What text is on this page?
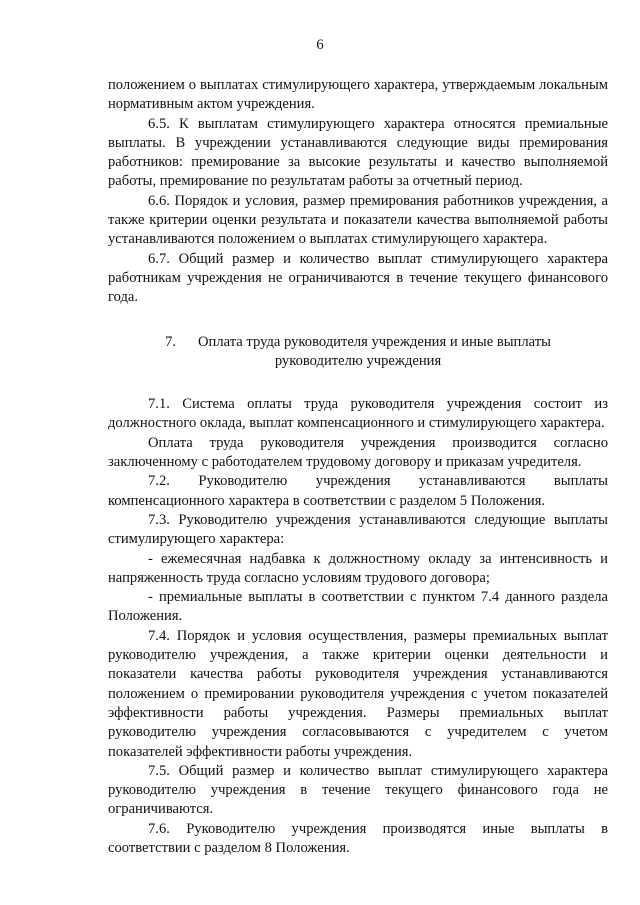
6

положением о выплатах стимулирующего характера, утверждаемым локальным нормативным актом учреждения.

6.5. К выплатам стимулирующего характера относятся премиальные выплаты. В учреждении устанавливаются следующие виды премирования работников: премирование за высокие результаты и качество выполняемой работы, премирование по результатам работы за отчетный период.

6.6. Порядок и условия, размер премирования работников учреждения, а также критерии оценки результата и показатели качества выполняемой работы устанавливаются положением о выплатах стимулирующего характера.

6.7. Общий размер и количество выплат стимулирующего характера работникам учреждения не ограничиваются в течение текущего финансового года.

7. Оплата труда руководителя учреждения и иные выплаты
руководителю учреждения

7.1. Система оплаты труда руководителя учреждения состоит из должностного оклада, выплат компенсационного и стимулирующего характера.

Оплата труда руководителя учреждения производится согласно заключенному с работодателем трудовому договору и приказам учредителя.

7.2. Руководителю учреждения устанавливаются выплаты компенсационного характера в соответствии с разделом 5 Положения.

7.3. Руководителю учреждения устанавливаются следующие выплаты стимулирующего характера:

- ежемесячная надбавка к должностному окладу за интенсивность и напряженность труда согласно условиям трудового договора;

- премиальные выплаты в соответствии с пунктом 7.4 данного раздела Положения.

7.4. Порядок и условия осуществления, размеры премиальных выплат руководителю учреждения, а также критерии оценки деятельности и показатели качества работы руководителя учреждения устанавливаются положением о премировании руководителя учреждения с учетом показателей эффективности работы учреждения. Размеры премиальных выплат руководителю учреждения согласовываются с учредителем с учетом показателей эффективности работы учреждения.

7.5. Общий размер и количество выплат стимулирующего характера руководителю учреждения в течение текущего финансового года не ограничиваются.

7.6. Руководителю учреждения производятся иные выплаты в соответствии с разделом 8 Положения.
